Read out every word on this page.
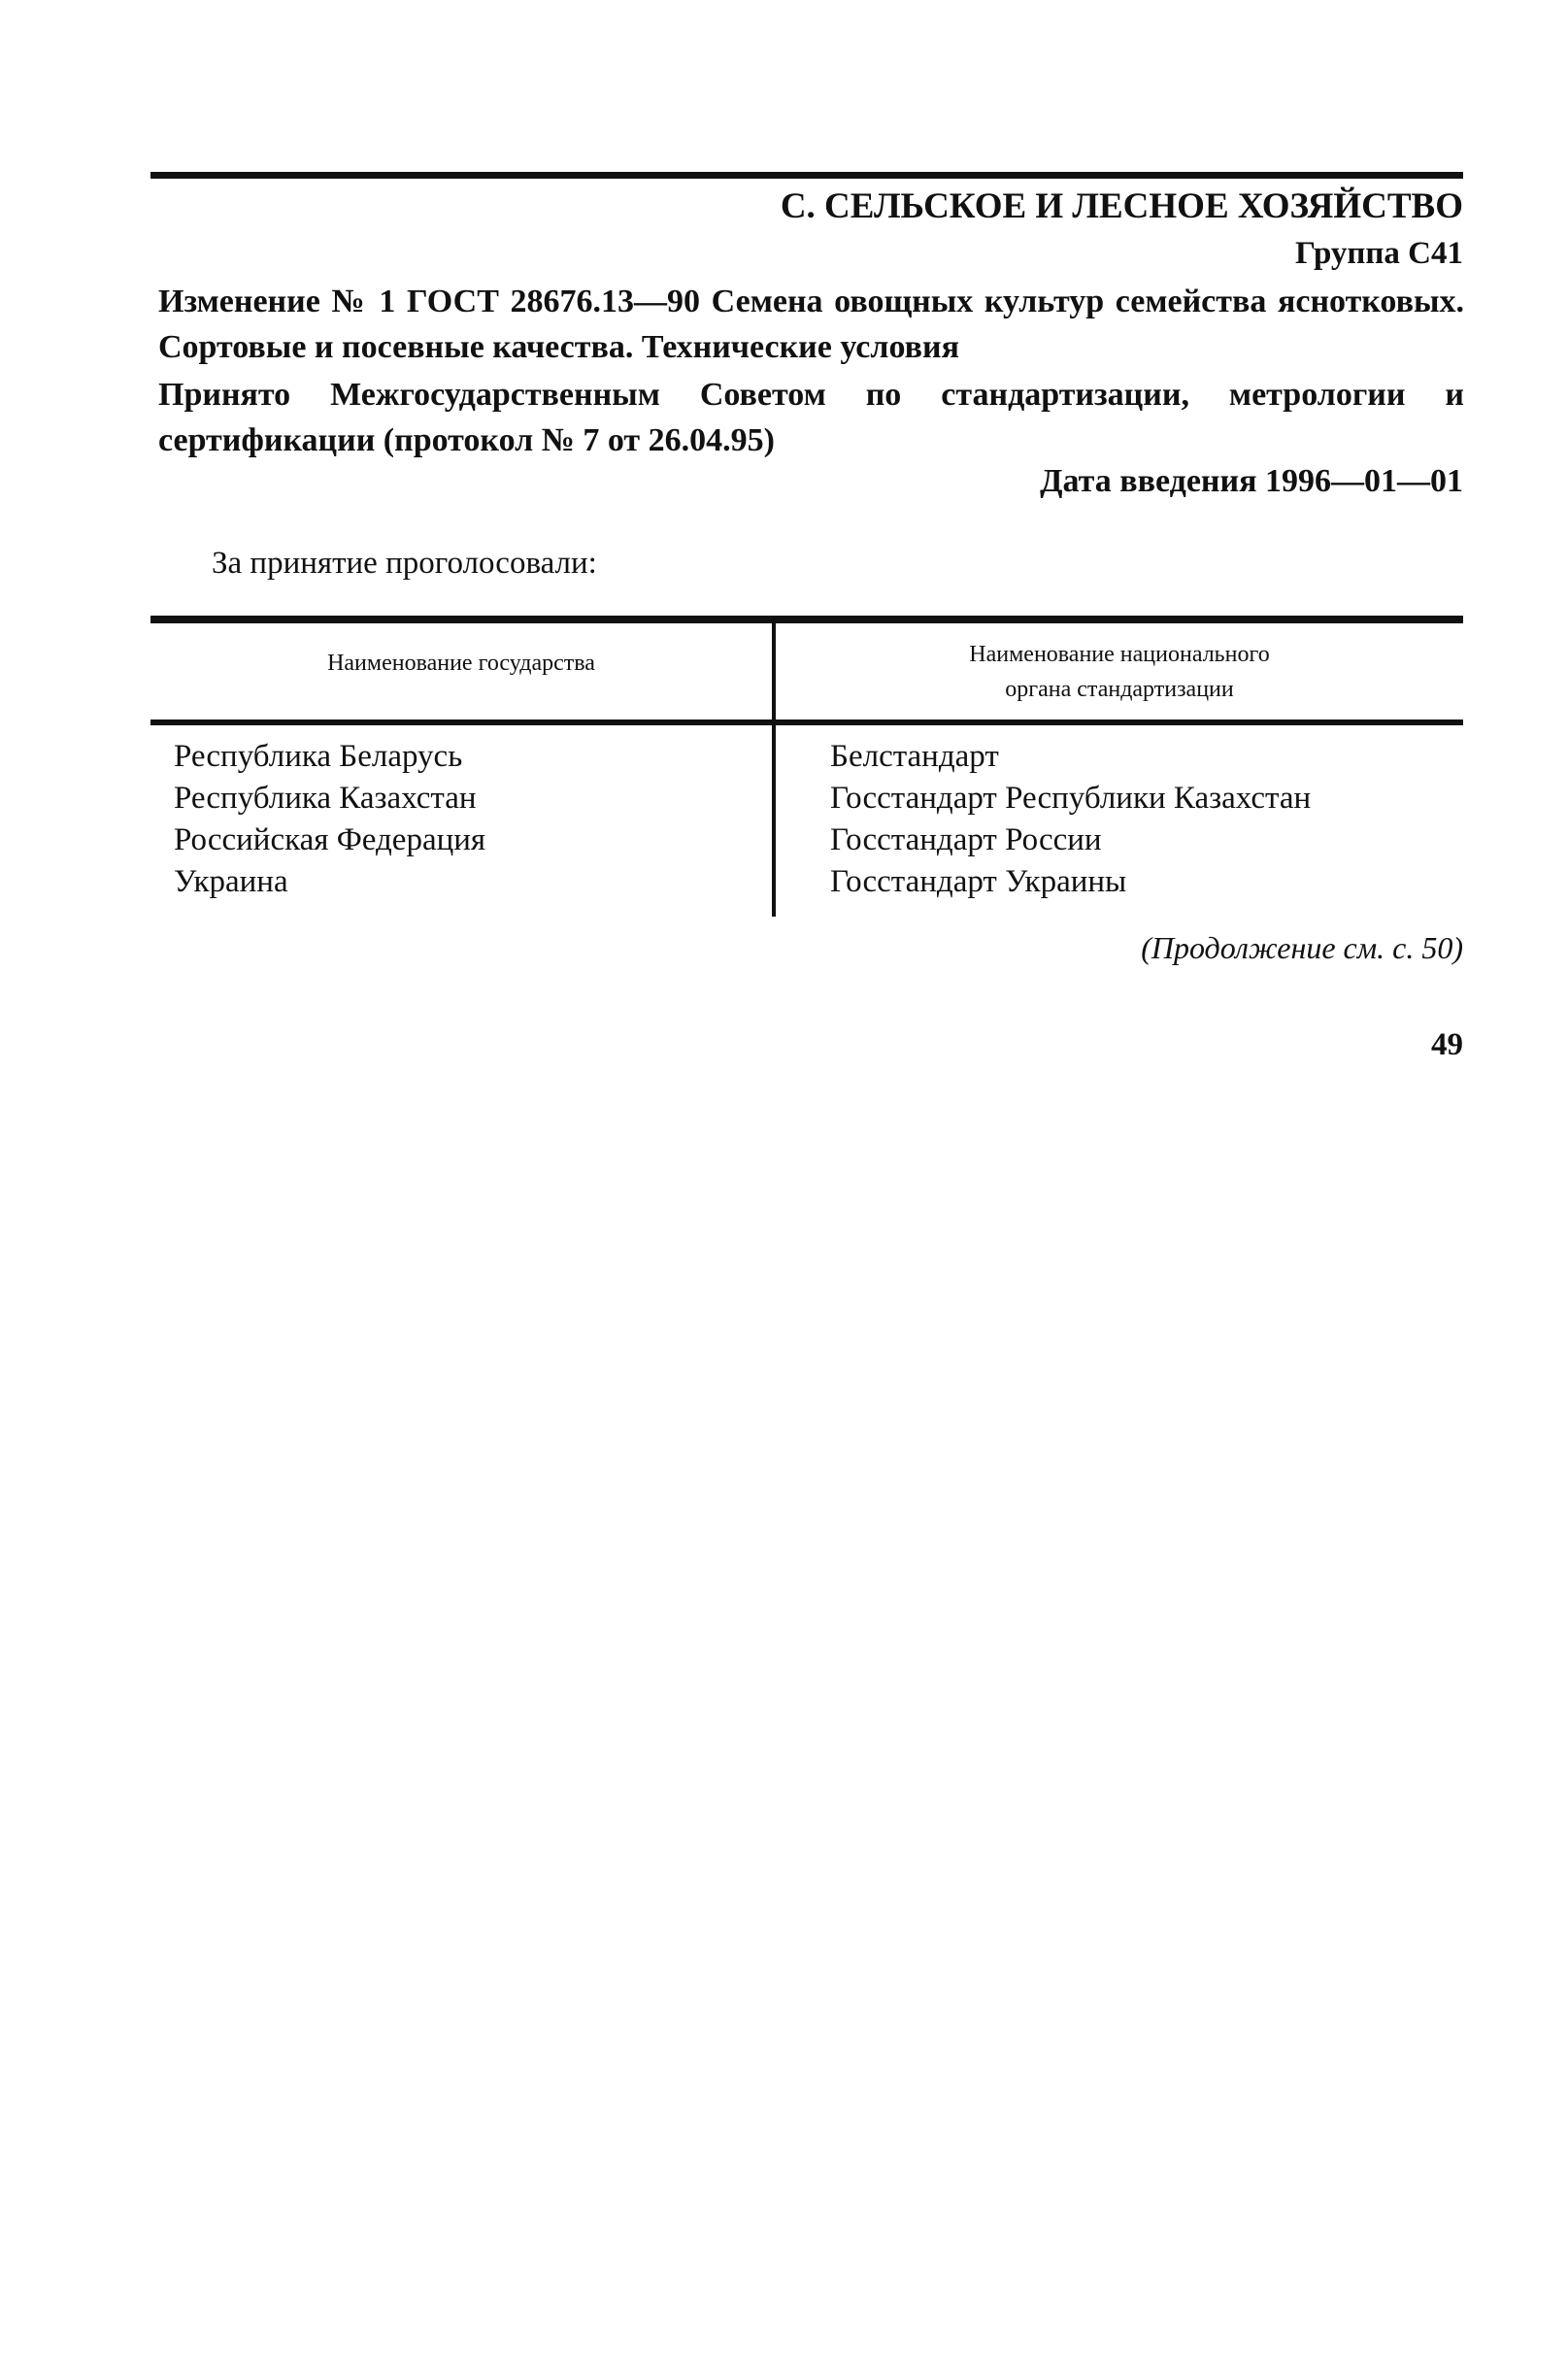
С. СЕЛЬСКОЕ И ЛЕСНОЕ ХОЗЯЙСТВО
Группа С41
Изменение № 1 ГОСТ 28676.13—90 Семена овощных культур семейства яснотковых. Сортовые и посевные качества. Технические условия
Принято Межгосударственным Советом по стандартизации, метрологии и сертификации (протокол № 7 от 26.04.95)
Дата введения 1996—01—01
За принятие проголосовали:
Наименование государства	Наименование национального
органа стандартизации
Республика Беларусь
Республика Казахстан
Российская Федерация
Украина
Белстандарт
Госстандарт Республики Казахстан
Госстандарт России
Госстандарт Украины
(Продолжение см. с. 50)
49
